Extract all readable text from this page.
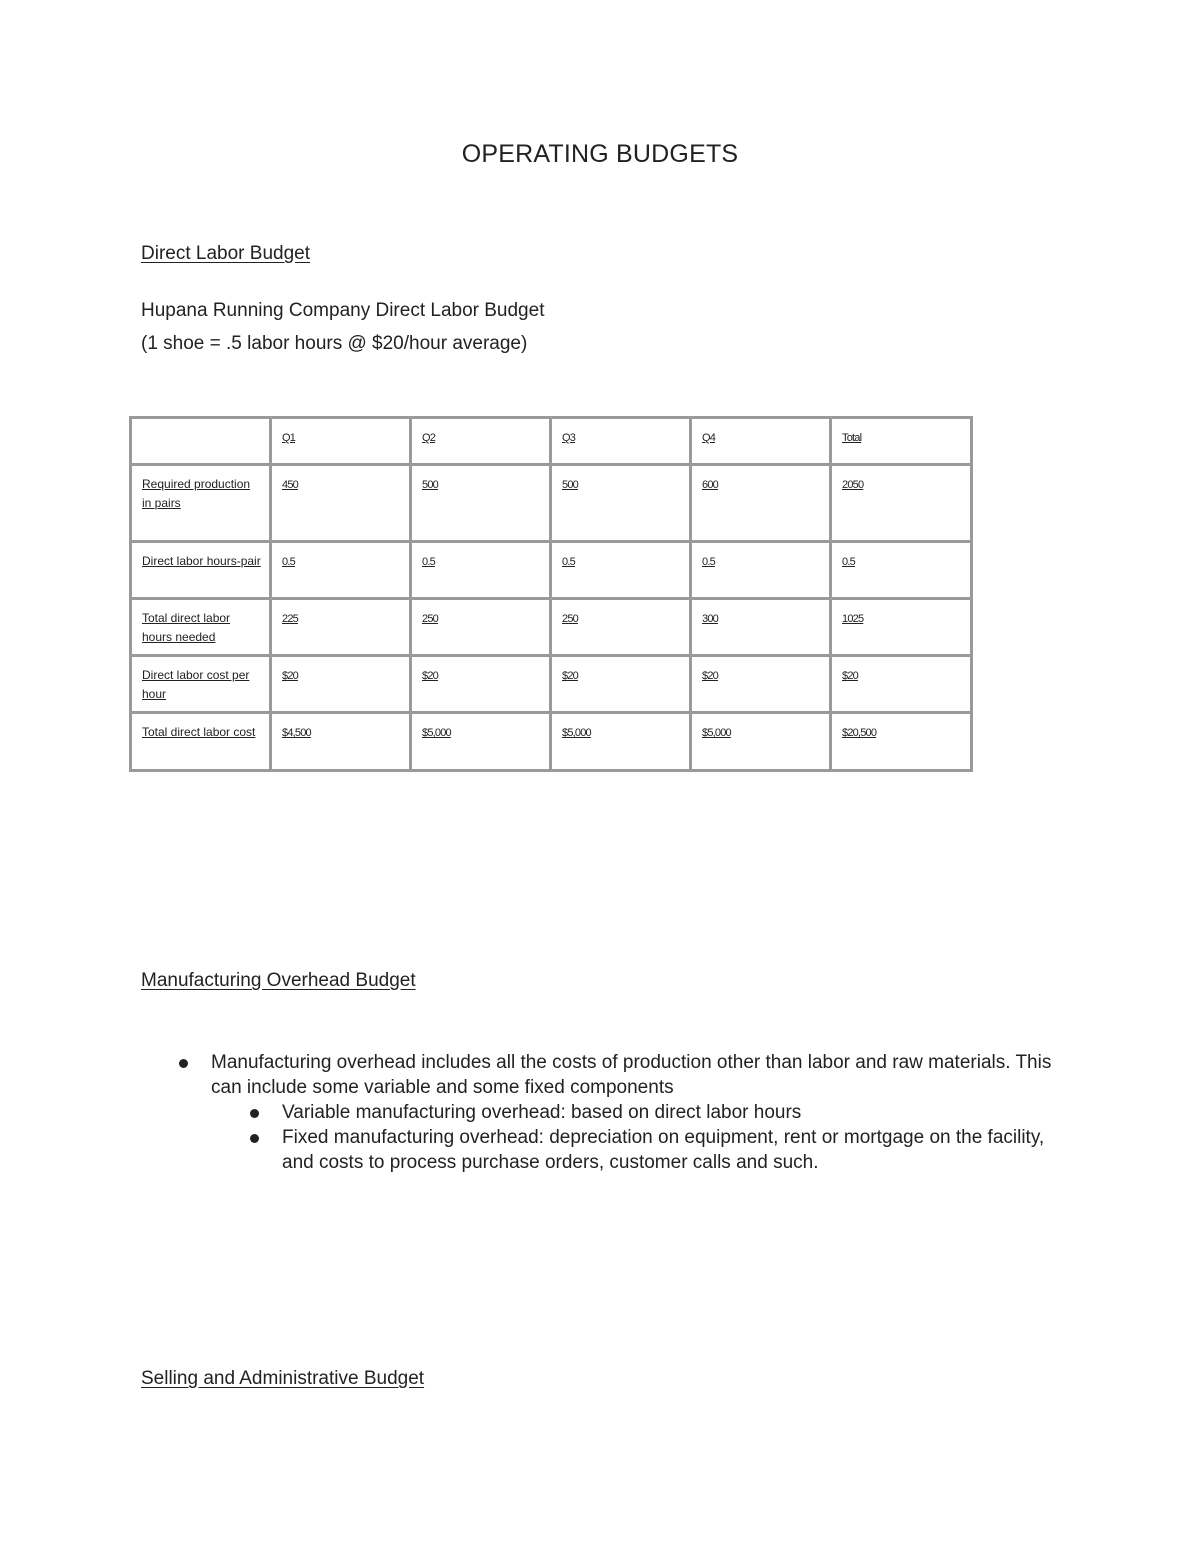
OPERATING BUDGETS
Direct Labor Budget
Hupana Running Company Direct Labor Budget
(1 shoe = .5 labor hours @ $20/hour average)
	Q1	Q2	Q3	Q4	Total
Required production in pairs	450	500	500	600	2050
Direct labor hours-pair	0.5	0.5	0.5	0.5	0.5
Total direct labor hours needed	225	250	250	300	1025
Direct labor cost per hour	$20	$20	$20	$20	$20
Total direct labor cost	$4,500	$5,000	$5,000	$5,000	$20,500
Manufacturing Overhead Budget
Manufacturing overhead includes all the costs of production other than labor and raw materials. This can include some variable and some fixed components
Variable manufacturing overhead: based on direct labor hours
Fixed manufacturing overhead: depreciation on equipment, rent or mortgage on the facility, and costs to process purchase orders, customer calls and such.
Selling and Administrative Budget
